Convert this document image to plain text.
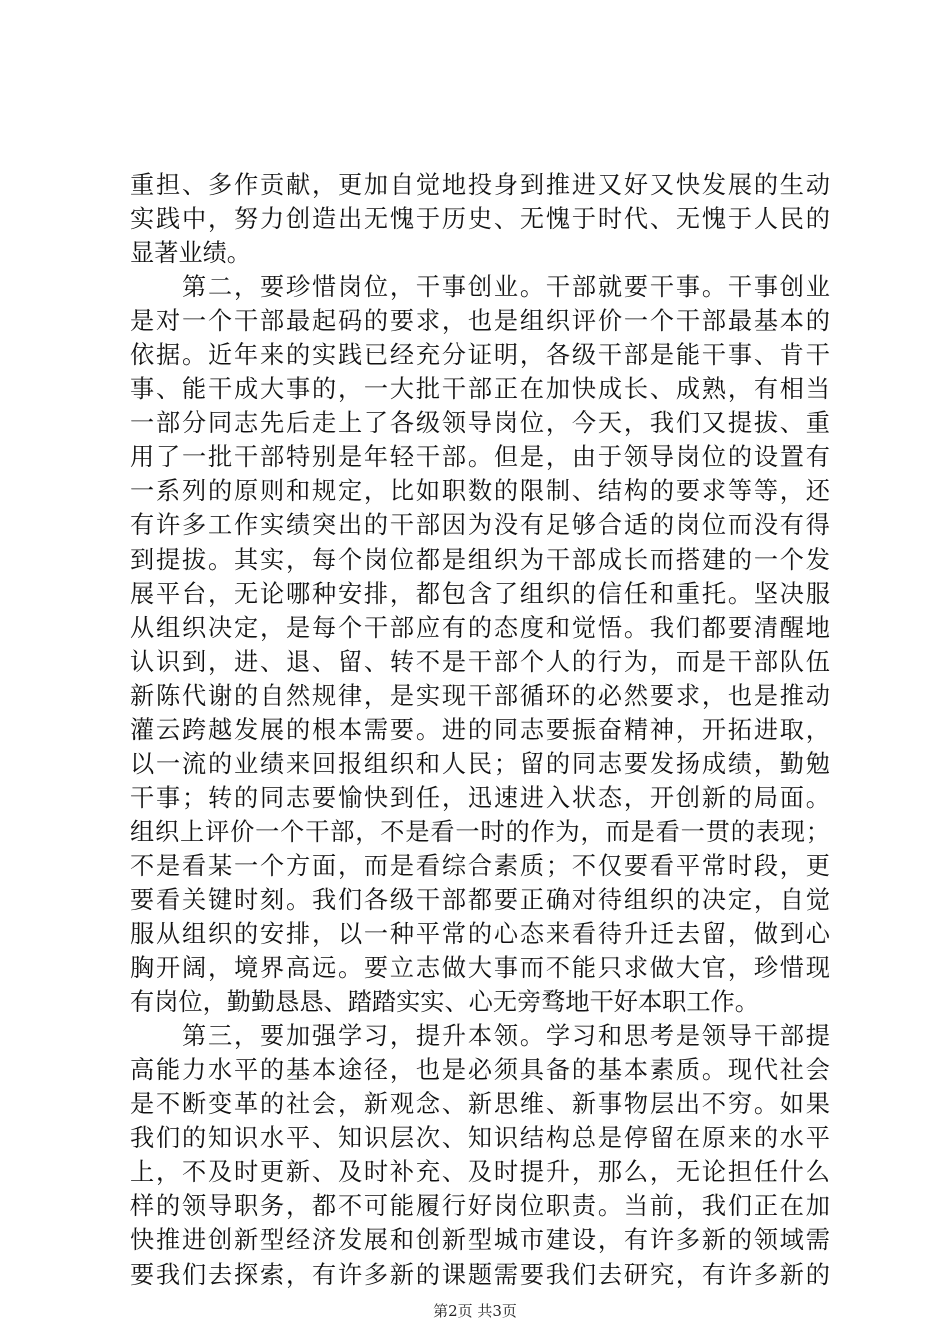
重担、多作贡献，更加自觉地投身到推进又好又快发展的生动
实践中，努力创造出无愧于历史、无愧于时代、无愧于人民的
显著业绩。
　　第二，要珍惜岗位，干事创业。干部就要干事。干事创业
是对一个干部最起码的要求，也是组织评价一个干部最基本的
依据。近年来的实践已经充分证明，各级干部是能干事、肯干
事、能干成大事的，一大批干部正在加快成长、成熟，有相当
一部分同志先后走上了各级领导岗位，今天，我们又提拔、重
用了一批干部特别是年轻干部。但是，由于领导岗位的设置有
一系列的原则和规定，比如职数的限制、结构的要求等等，还
有许多工作实绩突出的干部因为没有足够合适的岗位而没有得
到提拔。其实，每个岗位都是组织为干部成长而搭建的一个发
展平台，无论哪种安排，都包含了组织的信任和重托。坚决服
从组织决定，是每个干部应有的态度和觉悟。我们都要清醒地
认识到，进、退、留、转不是干部个人的行为，而是干部队伍
新陈代谢的自然规律，是实现干部循环的必然要求，也是推动
灌云跨越发展的根本需要。进的同志要振奋精神，开拓进取，
以一流的业绩来回报组织和人民；留的同志要发扬成绩，勤勉
干事；转的同志要愉快到任，迅速进入状态，开创新的局面。
组织上评价一个干部，不是看一时的作为，而是看一贯的表现；
不是看某一个方面，而是看综合素质；不仅要看平常时段，更
要看关键时刻。我们各级干部都要正确对待组织的决定，自觉
服从组织的安排，以一种平常的心态来看待升迁去留，做到心
胸开阔，境界高远。要立志做大事而不能只求做大官，珍惜现
有岗位，勤勤恳恳、踏踏实实、心无旁骛地干好本职工作。
　　第三，要加强学习，提升本领。学习和思考是领导干部提
高能力水平的基本途径，也是必须具备的基本素质。现代社会
是不断变革的社会，新观念、新思维、新事物层出不穷。如果
我们的知识水平、知识层次、知识结构总是停留在原来的水平
上，不及时更新、及时补充、及时提升，那么，无论担任什么
样的领导职务，都不可能履行好岗位职责。当前，我们正在加
快推进创新型经济发展和创新型城市建设，有许多新的领域需
要我们去探索，有许多新的课题需要我们去研究，有许多新的
第2页 共3页
